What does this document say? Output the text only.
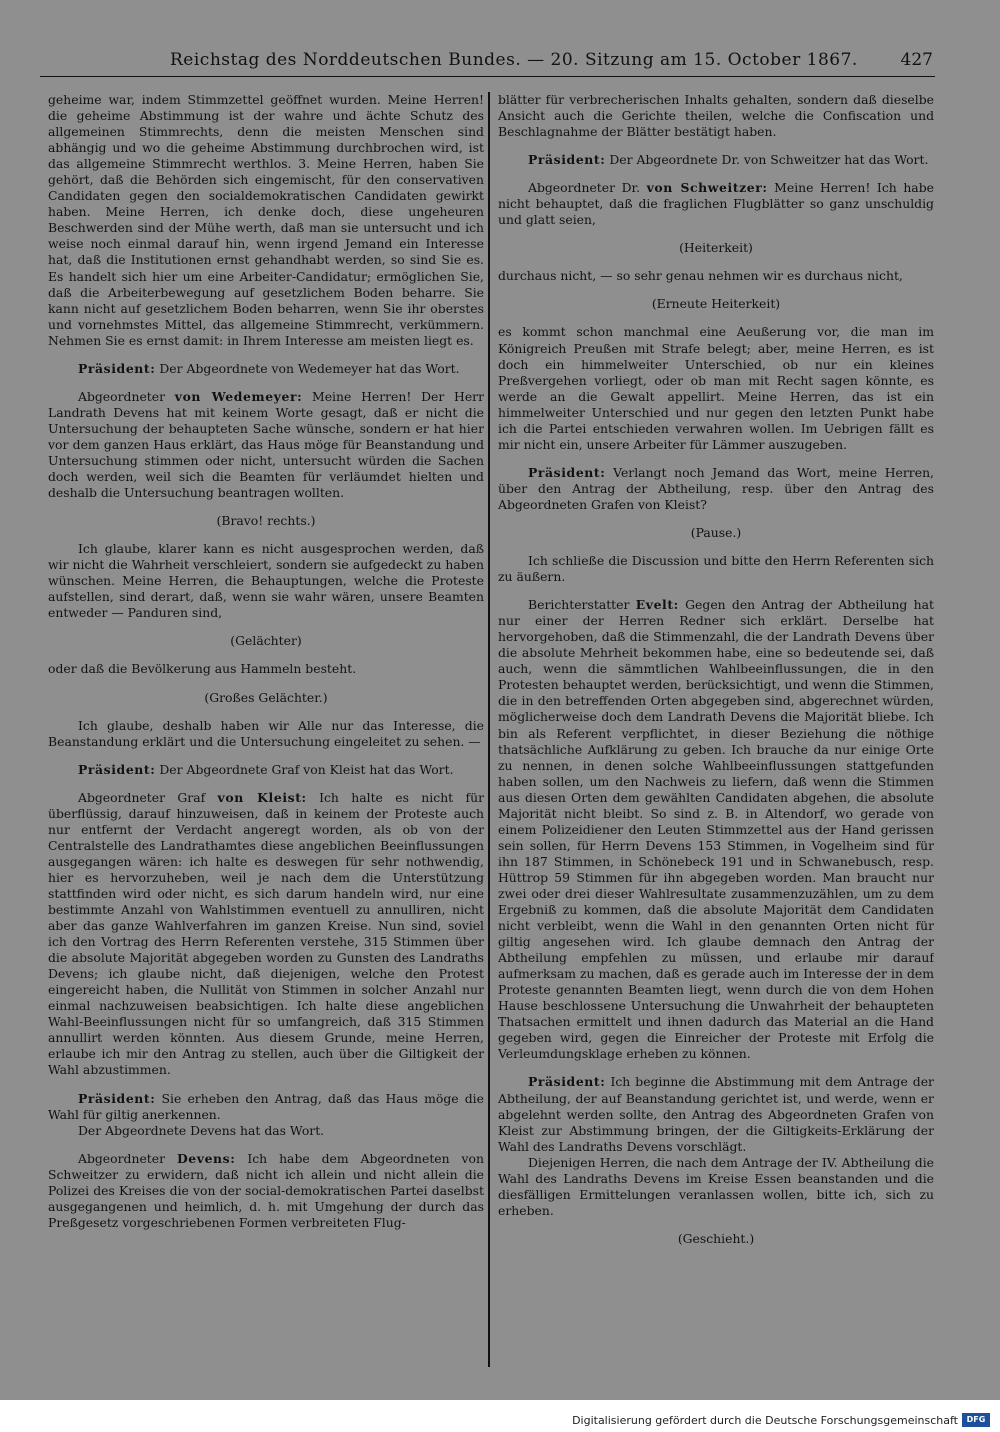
Reichstag des Norddeutschen Bundes. — 20. Sitzung am 15. October 1867.	427

geheime war, indem Stimmzettel geöffnet wurden. Meine Herren! die geheime Abstimmung ist der wahre und ächte Schutz des allgemeinen Stimmrechts, denn die meisten Menschen sind abhängig und wo die geheime Abstimmung durchbrochen wird, ist das allgemeine Stimmrecht werthlos. 3. Meine Herren, haben Sie gehört, daß die Behörden sich eingemischt, für den conservativen Candidaten gegen den socialdemokratischen Candidaten gewirkt haben. Meine Herren, ich denke doch, diese ungeheuren Beschwerden sind der Mühe werth, daß man sie untersucht und ich weise noch einmal darauf hin, wenn irgend Jemand ein Interesse hat, daß die Institutionen ernst gehandhabt werden, so sind Sie es. Es handelt sich hier um eine Arbeiter-Candidatur; ermöglichen Sie, daß die Arbeiterbewegung auf gesetzlichem Boden beharre. Sie kann nicht auf gesetzlichem Boden beharren, wenn Sie ihr oberstes und vornehmstes Mittel, das allgemeine Stimmrecht, verkümmern. Nehmen Sie es ernst damit: in Ihrem Interesse am meisten liegt es.

Präsident: Der Abgeordnete von Wedemeyer hat das Wort.

Abgeordneter von Wedemeyer: Meine Herren! Der Herr Landrath Devens hat mit keinem Worte gesagt, daß er nicht die Untersuchung der behaupteten Sache wünsche, sondern er hat hier vor dem ganzen Haus erklärt, das Haus möge für Beanstandung und Untersuchung stimmen oder nicht, untersucht würden die Sachen doch werden, weil sich die Beamten für verläumdet hielten und deshalb die Untersuchung beantragen wollten.

(Bravo! rechts.)

Ich glaube, klarer kann es nicht ausgesprochen werden, daß wir nicht die Wahrheit verschleiert, sondern sie aufgedeckt zu haben wünschen. Meine Herren, die Behauptungen, welche die Proteste aufstellen, sind derart, daß, wenn sie wahr wären, unsere Beamten entweder — Panduren sind,

(Gelächter)

oder daß die Bevölkerung aus Hammeln besteht.

(Großes Gelächter.)

Ich glaube, deshalb haben wir Alle nur das Interesse, die Beanstandung erklärt und die Untersuchung eingeleitet zu sehen. —

Präsident: Der Abgeordnete Graf von Kleist hat das Wort.

Abgeordneter Graf von Kleist: Ich halte es nicht für überflüssig, darauf hinzuweisen, daß in keinem der Proteste auch nur entfernt der Verdacht angeregt worden, als ob von der Centralstelle des Landrathamtes diese angeblichen Beeinflussungen ausgegangen wären: ich halte es deswegen für sehr nothwendig, hier es hervorzuheben, weil je nach dem die Unterstützung stattfinden wird oder nicht, es sich darum handeln wird, nur eine bestimmte Anzahl von Wahlstimmen eventuell zu annulliren, nicht aber das ganze Wahlverfahren im ganzen Kreise. Nun sind, soviel ich den Vortrag des Herrn Referenten verstehe, 315 Stimmen über die absolute Majorität abgegeben worden zu Gunsten des Landraths Devens; ich glaube nicht, daß diejenigen, welche den Protest eingereicht haben, die Nullität von Stimmen in solcher Anzahl nur einmal nachzuweisen beabsichtigen. Ich halte diese angeblichen Wahl-Beeinflussungen nicht für so umfangreich, daß 315 Stimmen annullirt werden könnten. Aus diesem Grunde, meine Herren, erlaube ich mir den Antrag zu stellen, auch über die Giltigkeit der Wahl abzustimmen.

Präsident: Sie erheben den Antrag, daß das Haus möge die Wahl für giltig anerkennen.

Der Abgeordnete Devens hat das Wort.

Abgeordneter Devens: Ich habe dem Abgeordneten von Schweitzer zu erwidern, daß nicht ich allein und nicht allein die Polizei des Kreises die von der social-demokratischen Partei daselbst ausgegangenen und heimlich, d. h. mit Umgehung der durch das Preßgesetz vorgeschriebenen Formen verbreiteten Flug-

blätter für verbrecherischen Inhalts gehalten, sondern daß dieselbe Ansicht auch die Gerichte theilen, welche die Confiscation und Beschlagnahme der Blätter bestätigt haben.

Präsident: Der Abgeordnete Dr. von Schweitzer hat das Wort.

Abgeordneter Dr. von Schweitzer: Meine Herren! Ich habe nicht behauptet, daß die fraglichen Flugblätter so ganz unschuldig und glatt seien,

(Heiterkeit)

durchaus nicht, — so sehr genau nehmen wir es durchaus nicht,

(Erneute Heiterkeit)

es kommt schon manchmal eine Aeußerung vor, die man im Königreich Preußen mit Strafe belegt; aber, meine Herren, es ist doch ein himmelweiter Unterschied, ob nur ein kleines Preßvergehen vorliegt, oder ob man mit Recht sagen könnte, es werde an die Gewalt appellirt. Meine Herren, das ist ein himmelweiter Unterschied und nur gegen den letzten Punkt habe ich die Partei entschieden verwahren wollen. Im Uebrigen fällt es mir nicht ein, unsere Arbeiter für Lämmer auszugeben.

Präsident: Verlangt noch Jemand das Wort, meine Herren, über den Antrag der Abtheilung, resp. über den Antrag des Abgeordneten Grafen von Kleist?

(Pause.)

Ich schließe die Discussion und bitte den Herrn Referenten sich zu äußern.

Berichterstatter Evelt: Gegen den Antrag der Abtheilung hat nur einer der Herren Redner sich erklärt. Derselbe hat hervorgehoben, daß die Stimmenzahl, die der Landrath Devens über die absolute Mehrheit bekommen habe, eine so bedeutende sei, daß auch, wenn die sämmtlichen Wahlbeeinflussungen, die in den Protesten behauptet werden, berücksichtigt, und wenn die Stimmen, die in den betreffenden Orten abgegeben sind, abgerechnet würden, möglicherweise doch dem Landrath Devens die Majorität bliebe. Ich bin als Referent verpflichtet, in dieser Beziehung die nöthige thatsächliche Aufklärung zu geben. Ich brauche da nur einige Orte zu nennen, in denen solche Wahlbeeinflussungen stattgefunden haben sollen, um den Nachweis zu liefern, daß wenn die Stimmen aus diesen Orten dem gewählten Candidaten abgehen, die absolute Majorität nicht bleibt. So sind z. B. in Altendorf, wo gerade von einem Polizeidiener den Leuten Stimmzettel aus der Hand gerissen sein sollen, für Herrn Devens 153 Stimmen, in Vogelheim sind für ihn 187 Stimmen, in Schönebeck 191 und in Schwanebusch, resp. Hüttrop 59 Stimmen für ihn abgegeben worden. Man braucht nur zwei oder drei dieser Wahlresultate zusammenzuzählen, um zu dem Ergebniß zu kommen, daß die absolute Majorität dem Candidaten nicht verbleibt, wenn die Wahl in den genannten Orten nicht für giltig angesehen wird. Ich glaube demnach den Antrag der Abtheilung empfehlen zu müssen, und erlaube mir darauf aufmerksam zu machen, daß es gerade auch im Interesse der in dem Proteste genannten Beamten liegt, wenn durch die von dem Hohen Hause beschlossene Untersuchung die Unwahrheit der behaupteten Thatsachen ermittelt und ihnen dadurch das Material an die Hand gegeben wird, gegen die Einreicher der Proteste mit Erfolg die Verleumdungsklage erheben zu können.

Präsident: Ich beginne die Abstimmung mit dem Antrage der Abtheilung, der auf Beanstandung gerichtet ist, und werde, wenn er abgelehnt werden sollte, den Antrag des Abgeordneten Grafen von Kleist zur Abstimmung bringen, der die Giltigkeits-Erklärung der Wahl des Landraths Devens vorschlägt.

Diejenigen Herren, die nach dem Antrage der IV. Abtheilung die Wahl des Landraths Devens im Kreise Essen beanstanden und die diesfälligen Ermittelungen veranlassen wollen, bitte ich, sich zu erheben.

(Geschieht.)

Digitalisierung gefördert durch die Deutsche Forschungsgemeinschaft	DFG
